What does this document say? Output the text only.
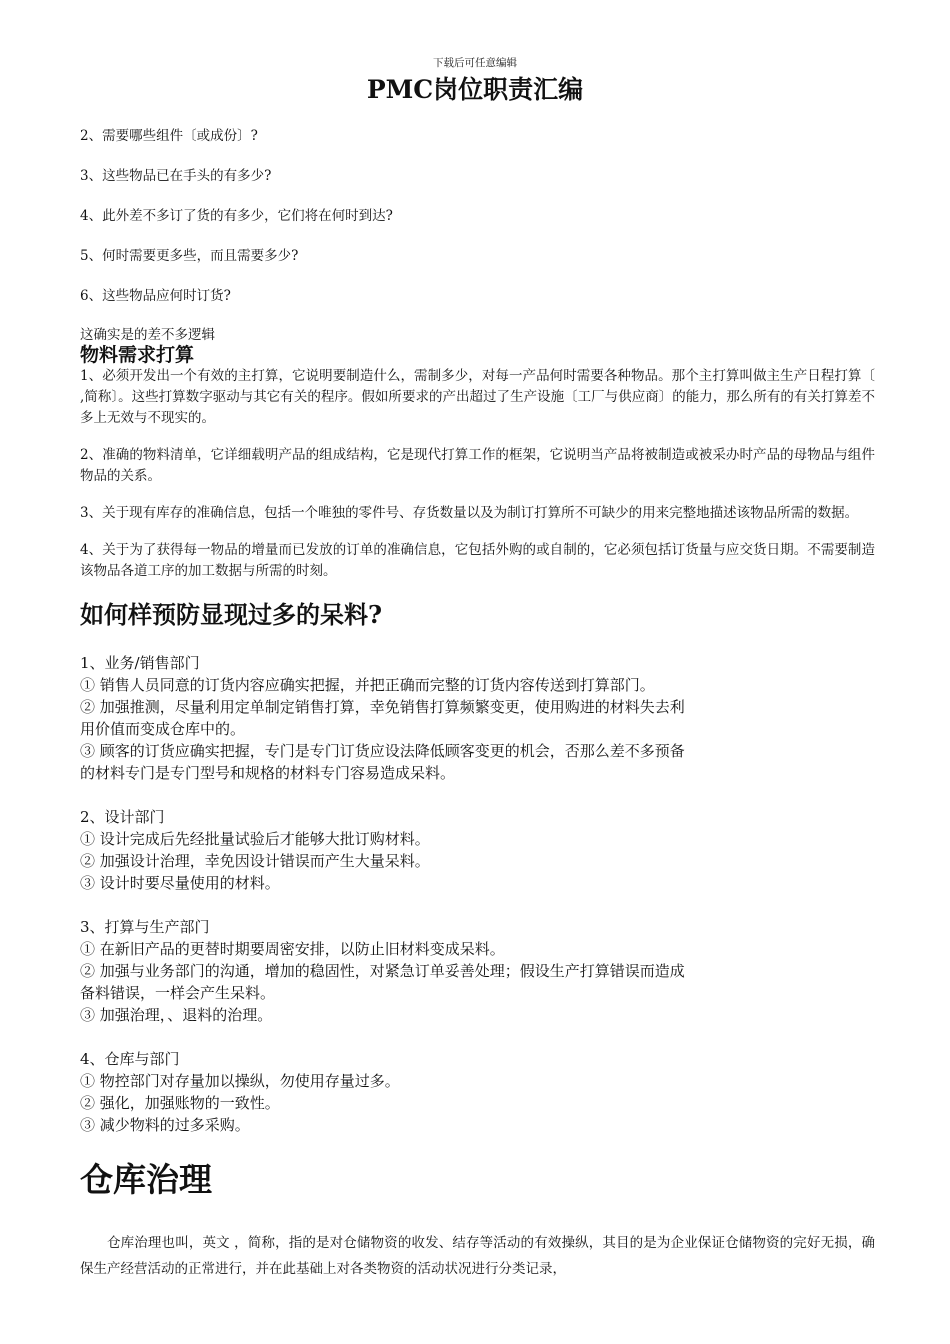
下载后可任意编辑
PMC岗位职责汇编

2、需要哪些组件〔或成份〕?

3、这些物品已在手头的有多少?

4、此外差不多订了货的有多少，它们将在何时到达?

5、何时需要更多些，而且需要多少?

6、这些物品应何时订货?

这确实是的差不多逻辑

物料需求打算

1、必须开发出一个有效的主打算，它说明要制造什么，需制多少，对每一产品何时需要各种物品。那个主打算叫做主生产日程打算〔 ,简称〕。这些打算数字驱动与其它有关的程序。假如所要求的产出超过了生产设施〔工厂与供应商〕的能力，那么所有的有关打算差不多上无效与不现实的。

2、准确的物料清单，它详细载明产品的组成结构，它是现代打算工作的框架，它说明当产品将被制造或被采办时产品的母物品与组件物品的关系。

3、关于现有库存的准确信息，包括一个唯独的零件号、存货数量以及为制订打算所不可缺少的用来完整地描述该物品所需的数据。

4、关于为了获得每一物品的增量而已发放的订单的准确信息，它包括外购的或自制的，它必须包括订货量与应交货日期。不需要制造该物品各道工序的加工数据与所需的时刻。

如何样预防显现过多的呆料?

1、业务/销售部门

① 销售人员同意的订货内容应确实把握，并把正确而完整的订货内容传送到打算部门。

② 加强推测，尽量利用定单制定销售打算，幸免销售打算频繁变更，使用购进的材料失去利

用价值而变成仓库中的。

③ 顾客的订货应确实把握，专门是专门订货应设法降低顾客变更的机会，否那么差不多预备

的材料专门是专门型号和规格的材料专门容易造成呆料。

2、设计部门

① 设计完成后先经批量试验后才能够大批订购材料。

② 加强设计治理，幸免因设计错误而产生大量呆料。

③ 设计时要尽量使用的材料。

3、打算与生产部门

① 在新旧产品的更替时期要周密安排，以防止旧材料变成呆料。

② 加强与业务部门的沟通，增加的稳固性，对紧急订单妥善处理；假设生产打算错误而造成

备料错误，一样会产生呆料。

③ 加强治理，、退料的治理。

4、仓库与部门

① 物控部门对存量加以操纵，勿使用存量过多。

② 强化，加强账物的一致性。

③ 减少物料的过多采购。

仓库治理

仓库治理也叫，英文 ，简称，指的是对仓储物资的收发、结存等活动的有效操纵，其目的是为企业保证仓储物资的完好无损，确保生产经营活动的正常进行，并在此基础上对各类物资的活动状况进行分类记录，
